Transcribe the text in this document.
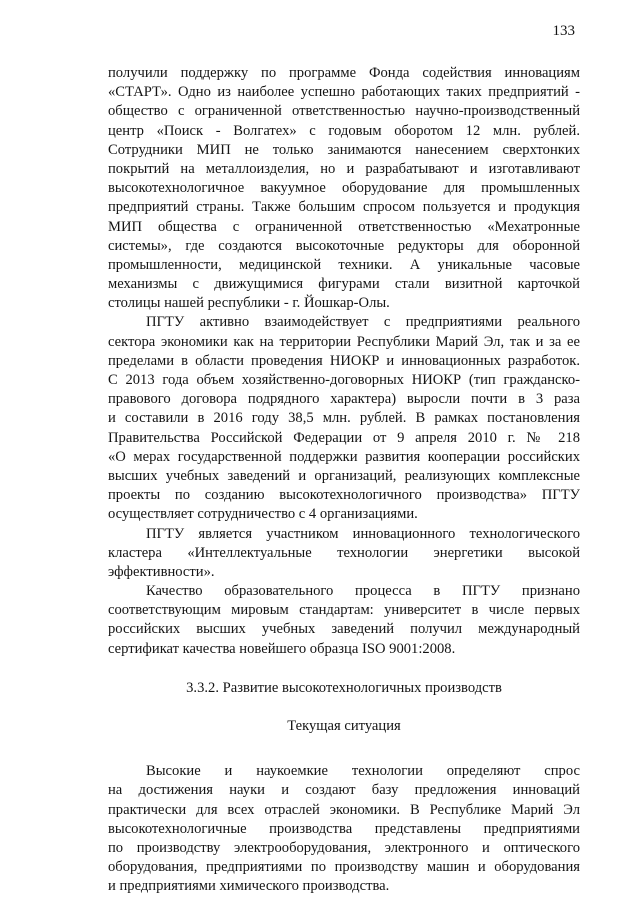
133
получили поддержку по программе Фонда содействия инновациям
«СТАРТ». Одно из наиболее успешно работающих таких предприятий -
общество с ограниченной ответственностью научно-производственный
центр «Поиск - Волгатех» с годовым оборотом 12 млн. рублей.
Сотрудники МИП не только занимаются нанесением сверхтонких
покрытий на металлоизделия, но и разрабатывают и изготавливают
высокотехнологичное вакуумное оборудование для промышленных
предприятий страны. Также большим спросом пользуется и продукция
МИП общества с ограниченной ответственностью «Мехатронные
системы», где создаются высокоточные редукторы для оборонной
промышленности, медицинской техники. А уникальные часовые
механизмы с движущимися фигурами стали визитной карточкой
столицы нашей республики - г. Йошкар-Олы.
ПГТУ активно взаимодействует с предприятиями реального
сектора экономики как на территории Республики Марий Эл, так и за ее
пределами в области проведения НИОКР и инновационных разработок.
С 2013 года объем хозяйственно-договорных НИОКР (тип гражданско-
правового договора подрядного характера) выросли почти в 3 раза
и составили в 2016 году 38,5 млн. рублей. В рамках постановления
Правительства Российской Федерации от 9 апреля 2010 г. № 218
«О мерах государственной поддержки развития кооперации российских
высших учебных заведений и организаций, реализующих комплексные
проекты по созданию высокотехнологичного производства» ПГТУ
осуществляет сотрудничество с 4 организациями.
ПГТУ является участником инновационного технологического
кластера «Интеллектуальные технологии энергетики высокой
эффективности».
Качество образовательного процесса в ПГТУ признано
соответствующим мировым стандартам: университет в числе первых
российских высших учебных заведений получил международный
сертификат качества новейшего образца ISO 9001:2008.
3.3.2. Развитие высокотехнологичных производств
Текущая ситуация
Высокие и наукоемкие технологии определяют спрос
на достижения науки и создают базу предложения инноваций
практически для всех отраслей экономики. В Республике Марий Эл
высокотехнологичные производства представлены предприятиями
по производству электрооборудования, электронного и оптического
оборудования, предприятиями по производству машин и оборудования
и предприятиями химического производства.
